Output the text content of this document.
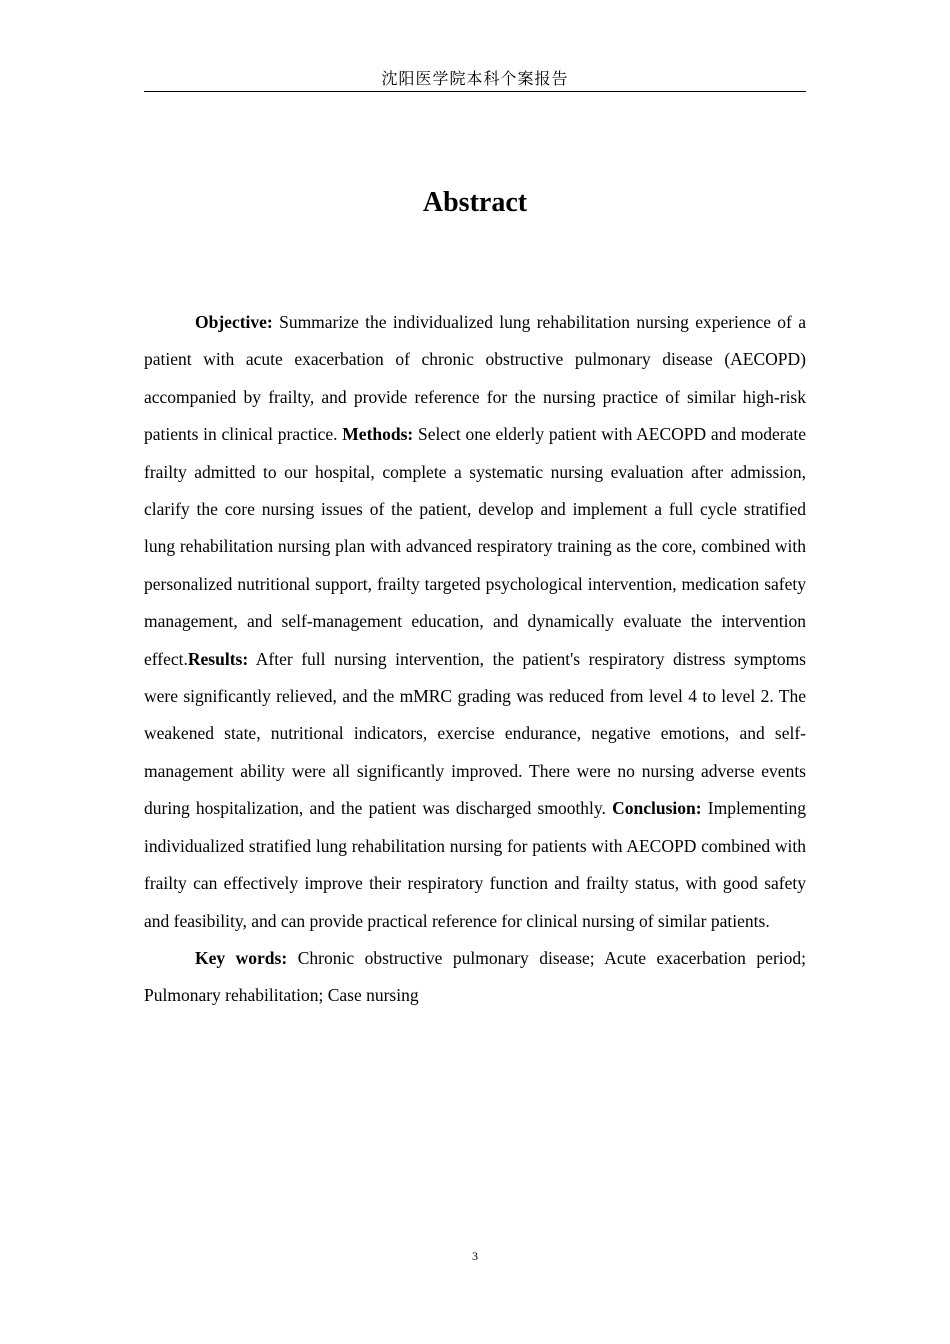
沈阳医学院本科个案报告
Abstract

Objective: Summarize the individualized lung rehabilitation nursing experience of a patient with acute exacerbation of chronic obstructive pulmonary disease (AECOPD) accompanied by frailty, and provide reference for the nursing practice of similar high-risk patients in clinical practice. Methods: Select one elderly patient with AECOPD and moderate frailty admitted to our hospital, complete a systematic nursing evaluation after admission, clarify the core nursing issues of the patient, develop and implement a full cycle stratified lung rehabilitation nursing plan with advanced respiratory training as the core, combined with personalized nutritional support, frailty targeted psychological intervention, medication safety management, and self-management education, and dynamically evaluate the intervention effect.Results: After full nursing intervention, the patient's respiratory distress symptoms were significantly relieved, and the mMRC grading was reduced from level 4 to level 2. The weakened state, nutritional indicators, exercise endurance, negative emotions, and self-management ability were all significantly improved. There were no nursing adverse events during hospitalization, and the patient was discharged smoothly. Conclusion: Implementing individualized stratified lung rehabilitation nursing for patients with AECOPD combined with frailty can effectively improve their respiratory function and frailty status, with good safety and feasibility, and can provide practical reference for clinical nursing of similar patients.

Key words: Chronic obstructive pulmonary disease; Acute exacerbation period; Pulmonary rehabilitation; Case nursing

3
